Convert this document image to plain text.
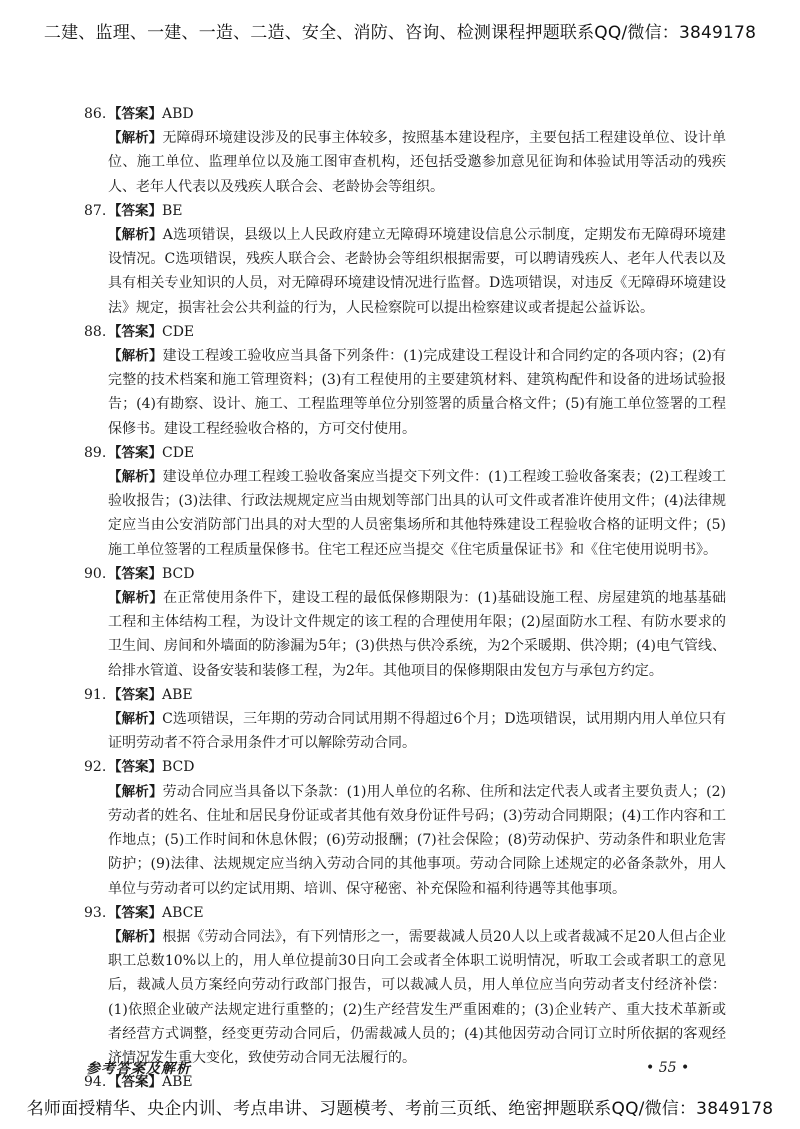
二建、监理、一建、一造、二造、安全、消防、咨询、检测课程押题联系QQ/微信：3849178
86. 【答案】ABD

【解析】无障碍环境建设涉及的民事主体较多，按照基本建设程序，主要包括工程建设单位、设计单位、施工单位、监理单位以及施工图审查机构，还包括受邀参加意见征询和体验试用等活动的残疾人、老年人代表以及残疾人联合会、老龄协会等组织。

87. 【答案】BE

【解析】A选项错误，县级以上人民政府建立无障碍环境建设信息公示制度，定期发布无障碍环境建设情况。C选项错误，残疾人联合会、老龄协会等组织根据需要，可以聘请残疾人、老年人代表以及具有相关专业知识的人员，对无障碍环境建设情况进行监督。D选项错误，对违反《无障碍环境建设法》规定，损害社会公共利益的行为，人民检察院可以提出检察建议或者提起公益诉讼。

88. 【答案】CDE

【解析】建设工程竣工验收应当具备下列条件：(1)完成建设工程设计和合同约定的各项内容；(2)有完整的技术档案和施工管理资料；(3)有工程使用的主要建筑材料、建筑构配件和设备的进场试验报告；(4)有勘察、设计、施工、工程监理等单位分别签署的质量合格文件；(5)有施工单位签署的工程保修书。建设工程经验收合格的，方可交付使用。

89. 【答案】CDE

【解析】建设单位办理工程竣工验收备案应当提交下列文件：(1)工程竣工验收备案表；(2)工程竣工验收报告；(3)法律、行政法规规定应当由规划等部门出具的认可文件或者准许使用文件；(4)法律规定应当由公安消防部门出具的对大型的人员密集场所和其他特殊建设工程验收合格的证明文件；(5)施工单位签署的工程质量保修书。住宅工程还应当提交《住宅质量保证书》和《住宅使用说明书》。

90. 【答案】BCD

【解析】在正常使用条件下，建设工程的最低保修期限为：(1)基础设施工程、房屋建筑的地基基础工程和主体结构工程，为设计文件规定的该工程的合理使用年限；(2)屋面防水工程、有防水要求的卫生间、房间和外墙面的防渗漏为5年；(3)供热与供冷系统，为2个采暖期、供冷期；(4)电气管线、给排水管道、设备安装和装修工程，为2年。其他项目的保修期限由发包方与承包方约定。

91. 【答案】ABE

【解析】C选项错误，三年期的劳动合同试用期不得超过6个月；D选项错误，试用期内用人单位只有证明劳动者不符合录用条件才可以解除劳动合同。

92. 【答案】BCD

【解析】劳动合同应当具备以下条款：(1)用人单位的名称、住所和法定代表人或者主要负责人；(2)劳动者的姓名、住址和居民身份证或者其他有效身份证件号码；(3)劳动合同期限；(4)工作内容和工作地点；(5)工作时间和休息休假；(6)劳动报酬；(7)社会保险；(8)劳动保护、劳动条件和职业危害防护；(9)法律、法规规定应当纳入劳动合同的其他事项。劳动合同除上述规定的必备条款外，用人单位与劳动者可以约定试用期、培训、保守秘密、补充保险和福利待遇等其他事项。

93. 【答案】ABCE

【解析】根据《劳动合同法》，有下列情形之一，需要裁减人员20人以上或者裁减不足20人但占企业职工总数10%以上的，用人单位提前30日向工会或者全体职工说明情况，听取工会或者职工的意见后，裁减人员方案经向劳动行政部门报告，可以裁减人员，用人单位应当向劳动者支付经济补偿：(1)依照企业破产法规定进行重整的；(2)生产经营发生严重困难的；(3)企业转产、重大技术革新或者经营方式调整，经变更劳动合同后，仍需裁减人员的；(4)其他因劳动合同订立时所依据的客观经济情况发生重大变化，致使劳动合同无法履行的。

94. 【答案】ABE
参考答案及解析	• 55 •
名师面授精华、央企内训、考点串讲、习题模考、考前三页纸、绝密押题联系QQ/微信：3849178
